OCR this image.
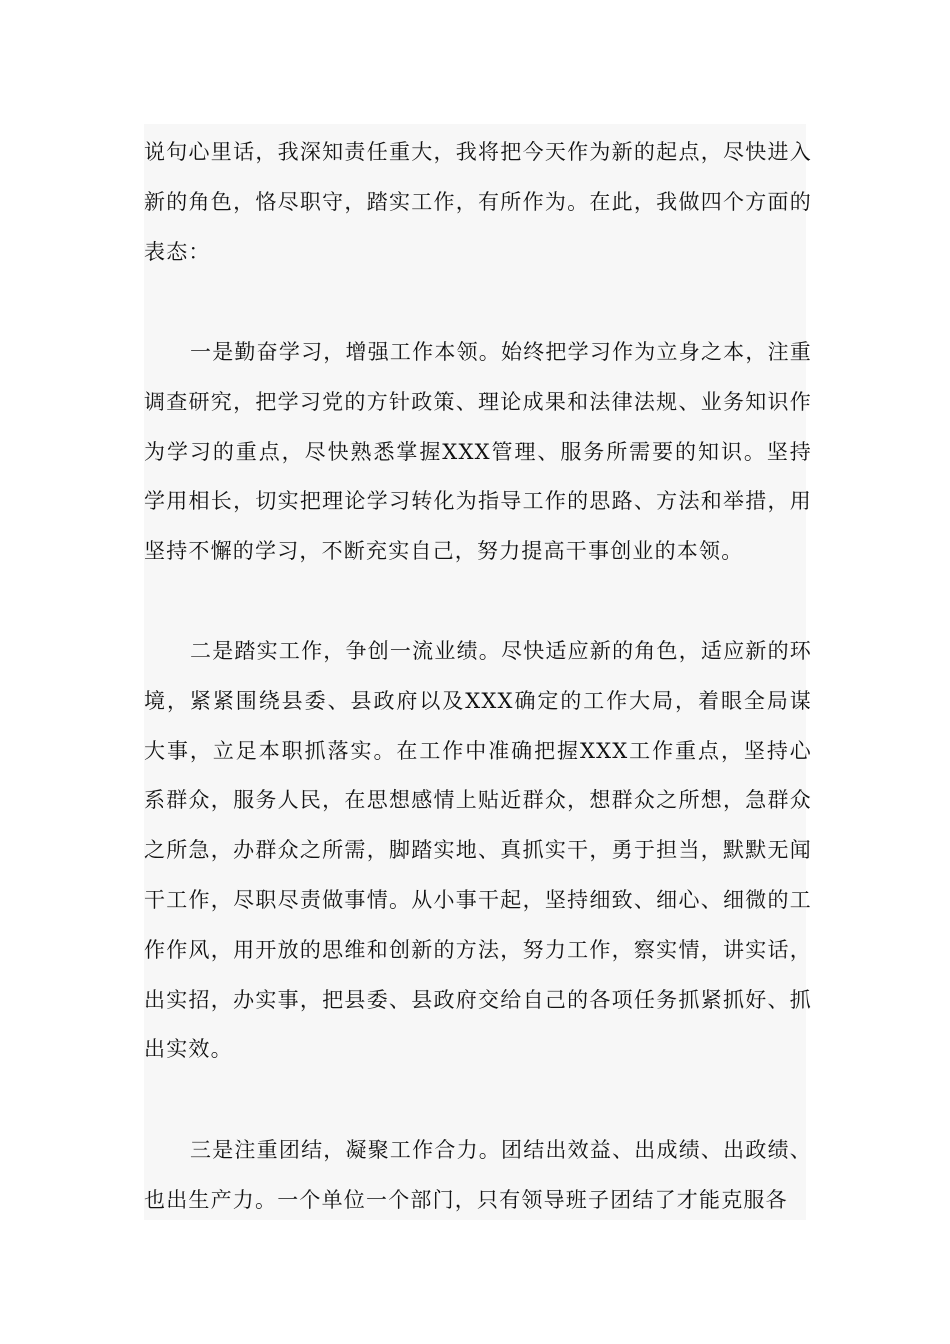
说句心里话，我深知责任重大，我将把今天作为新的起点，尽快进入新的角色，恪尽职守，踏实工作，有所作为。在此，我做四个方面的表态：

一是勤奋学习，增强工作本领。始终把学习作为立身之本，注重调查研究，把学习党的方针政策、理论成果和法律法规、业务知识作为学习的重点，尽快熟悉掌握XXX管理、服务所需要的知识。坚持学用相长，切实把理论学习转化为指导工作的思路、方法和举措，用坚持不懈的学习，不断充实自己，努力提高干事创业的本领。

二是踏实工作，争创一流业绩。尽快适应新的角色，适应新的环境，紧紧围绕县委、县政府以及XXX确定的工作大局，着眼全局谋大事，立足本职抓落实。在工作中准确把握XXX工作重点，坚持心系群众，服务人民，在思想感情上贴近群众，想群众之所想，急群众之所急，办群众之所需，脚踏实地、真抓实干，勇于担当，默默无闻干工作，尽职尽责做事情。从小事干起，坚持细致、细心、细微的工作作风，用开放的思维和创新的方法，努力工作，察实情，讲实话，出实招，办实事，把县委、县政府交给自己的各项任务抓紧抓好、抓出实效。

三是注重团结，凝聚工作合力。团结出效益、出成绩、出政绩、也出生产力。一个单位一个部门，只有领导班子团结了才能克服各
